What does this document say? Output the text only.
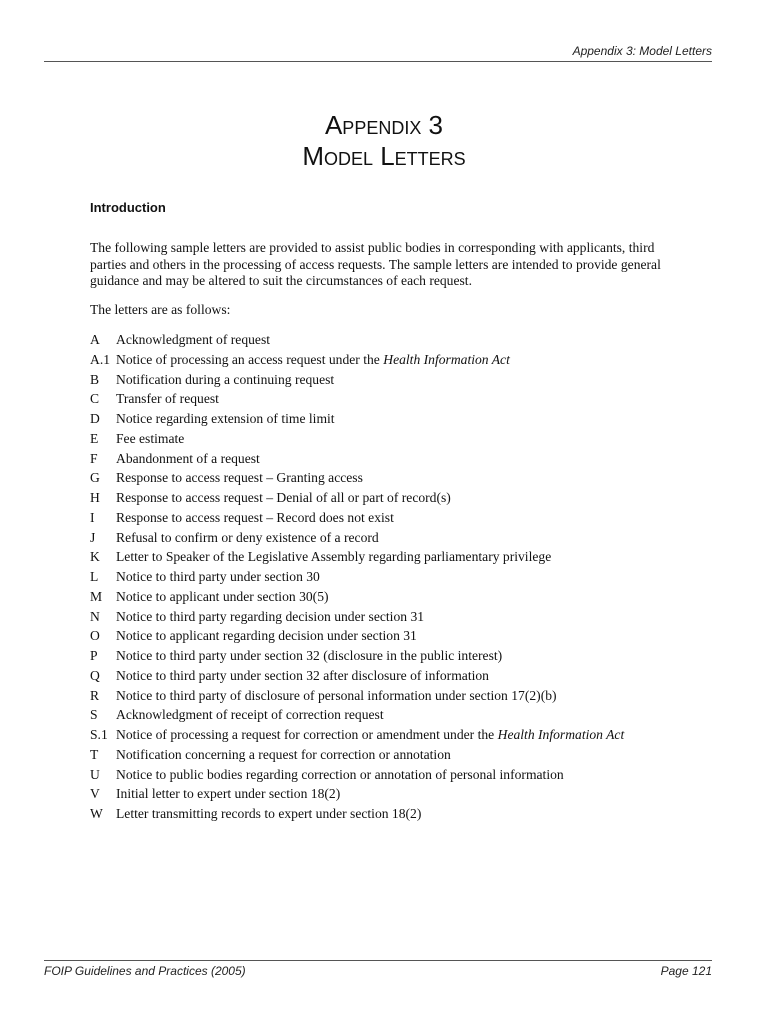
Appendix 3: Model Letters
Appendix 3
Model Letters
Introduction
The following sample letters are provided to assist public bodies in corresponding with applicants, third parties and others in the processing of access requests. The sample letters are intended to provide general guidance and may be altered to suit the circumstances of each request.
The letters are as follows:
A Acknowledgment of request
A.1 Notice of processing an access request under the Health Information Act
B Notification during a continuing request
C Transfer of request
D Notice regarding extension of time limit
E Fee estimate
F Abandonment of a request
G Response to access request – Granting access
H Response to access request – Denial of all or part of record(s)
I Response to access request – Record does not exist
J Refusal to confirm or deny existence of a record
K Letter to Speaker of the Legislative Assembly regarding parliamentary privilege
L Notice to third party under section 30
M Notice to applicant under section 30(5)
N Notice to third party regarding decision under section 31
O Notice to applicant regarding decision under section 31
P Notice to third party under section 32 (disclosure in the public interest)
Q Notice to third party under section 32 after disclosure of information
R Notice to third party of disclosure of personal information under section 17(2)(b)
S Acknowledgment of receipt of correction request
S.1 Notice of processing a request for correction or amendment under the Health Information Act
T Notification concerning a request for correction or annotation
U Notice to public bodies regarding correction or annotation of personal information
V Initial letter to expert under section 18(2)
W Letter transmitting records to expert under section 18(2)
FOIP Guidelines and Practices (2005)	Page 121
